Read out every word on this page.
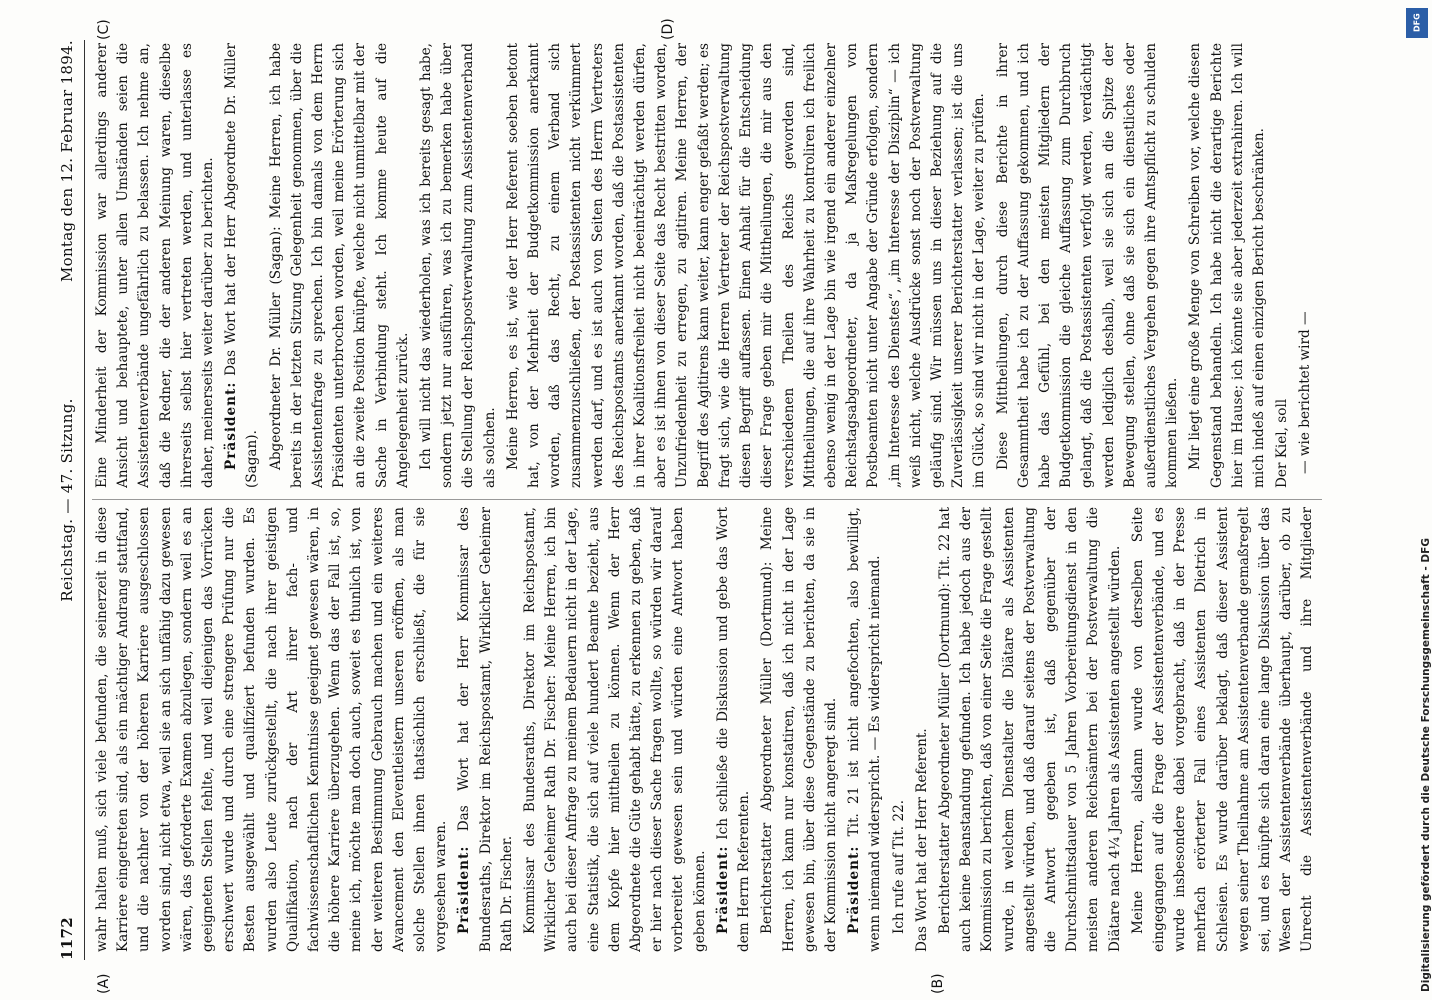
1172
Reichstag. — 47. Sitzung.
Montag den 12. Februar 1894.
(A)	(B)
(C)	(D)

wahr halten muß, sich viele befunden, die seinerzeit in diese Karriere eingetreten sind, als ein mächtiger Andrang stattfand, und die nachher von der höheren Karriere ausgeschlossen worden sind, nicht etwa, weil sie an sich unfähig dazu gewesen wären, das geforderte Examen abzulegen, sondern weil es an geeigneten Stellen fehlte, und weil diejenigen das Vorrücken erschwert wurde und durch eine strengere Prüfung nur die Besten ausgewählt und qualifiziert befunden wurden. Es wurden also Leute zurückgestellt, die nach ihrer geistigen Qualifikation, nach der Art ihrer fach- und fachwissenschaftlichen Kenntnisse geeignet gewesen wären, in die höhere Karriere überzugehen. Wenn das der Fall ist, so, meine ich, möchte man doch auch, soweit es thunlich ist, von der weiteren Bestimmung Gebrauch machen und ein weiteres Avancement den Eleventleistern unseren eröffnen, als man solche Stellen ihnen thatsächlich erschließt, die für sie vorgesehen waren. Präsident: Das Wort hat der Herr Kommissar des Bundesraths, Direktor im Reichspostamt, Wirklicher Geheimer Rath Dr. Fischer. Kommissar des Bundesraths, Direktor im Reichspostamt, Wirklicher Geheimer Rath Dr. Fischer: Meine Herren, ich bin auch bei dieser Anfrage zu meinem Bedauern nicht in der Lage, eine Statistik, die sich auf viele hundert Beamte bezieht, aus dem Kopfe hier mittheilen zu können. Wenn der Herr Abgeordnete die Güte gehabt hätte, zu erkennen zu geben, daß er hier nach dieser Sache fragen wollte, so würden wir darauf vorbereitet gewesen sein und würden eine Antwort haben geben können. Präsident: Ich schließe die Diskussion und gebe das Wort dem Herrn Referenten. Berichterstatter Abgeordneter Müller (Dortmund): Meine Herren, ich kann nur konstatiren, daß ich nicht in der Lage gewesen bin, über diese Gegenstände zu berichten, da sie in der Kommission nicht angeregt sind. Präsident: Tit. 21 ist nicht angefochten, also bewilligt, wenn niemand widerspricht. — Es widerspricht niemand. Ich rufe auf Tit. 22. Das Wort hat der Herr Referent. Berichterstatter Abgeordneter Müller (Dortmund): Tit. 22 hat auch keine Beanstandung gefunden. Ich habe jedoch aus der Kommission zu berichten, daß von einer Seite die Frage gestellt wurde, in welchem Dienstalter die Diätare als Assistenten angestellt würden, und daß darauf seitens der Postverwaltung die Antwort gegeben ist, daß gegenüber der Durchschnittsdauer von 5 Jahren Vorbereitungsdienst in den meisten anderen Reichsämtern bei der Postverwaltung die Diätare nach 4¼ Jahren als Assistenten angestellt würden. Meine Herren, alsdann wurde von derselben Seite eingegangen auf die Frage der Assistentenverbände, und es wurde insbesondere dabei vorgebracht, daß in der Presse mehrfach erörterter Fall eines Assistenten Dietrich in Schlesien. Es wurde darüber beklagt, daß dieser Assistent wegen seiner Theilnahme am Assistentenverbande gemaßregelt sei, und es knüpfte sich daran eine lange Diskussion über das Wesen der Assistentenverbände überhaupt, darüber, ob zu Unrecht die Assistentenverbände und ihre Mitglieder

Eine Minderheit der Kommission war allerdings anderer Ansicht und behauptete, unter allen Umständen seien die Assistentenverbände ungefährlich zu belassen. Ich nehme an, daß die Redner, die der anderen Meinung waren, dieselbe ihrerseits selbst hier vertreten werden, und unterlasse es daher, meinerseits weiter darüber zu berichten. Präsident: Das Wort hat der Herr Abgeordnete Dr. Müller (Sagan). Abgeordneter Dr. Müller (Sagan): Meine Herren, ich habe bereits in der letzten Sitzung Gelegenheit genommen, über die Assistentenfrage zu sprechen. Ich bin damals von dem Herrn Präsidenten unterbrochen worden, weil meine Erörterung sich an die zweite Position knüpfte, welche nicht unmittelbar mit der Sache in Verbindung steht. Ich komme heute auf die Angelegenheit zurück. Ich will nicht das wiederholen, was ich bereits gesagt habe, sondern jetzt nur ausführen, was ich zu bemerken habe über die Stellung der Reichspostverwaltung zum Assistentenverband als solchen. Meine Herren, es ist, wie der Herr Referent soeben betont hat, von der Mehrheit der Budgetkommission anerkannt worden, daß das Recht, zu einem Verband sich zusammenzuschließen, der Postassistenten nicht verkümmert werden darf, und es ist auch von Seiten des Herrn Vertreters des Reichspostamts anerkannt worden, daß die Postassistenten in ihrer Koalitionsfreiheit nicht beeinträchtigt werden dürfen, aber es ist ihnen von dieser Seite das Recht bestritten worden, Unzufriedenheit zu erregen, zu agitiren. Meine Herren, der Begriff des Agitirens kann weiter, kann enger gefaßt werden; es fragt sich, wie die Herren Vertreter der Reichspostverwaltung diesen Begriff auffassen. Einen Anhalt für die Entscheidung dieser Frage geben mir die Mittheilungen, die mir aus den verschiedenen Theilen des Reichs geworden sind, Mittheilungen, die auf ihre Wahrheit zu kontroliren ich freilich ebenso wenig in der Lage bin wie irgend ein anderer einzelner Reichstagsabgeordneter, da ja Maßregelungen von Postbeamten nicht unter Angabe der Gründe erfolgen, sondern „im Interesse des Dienstes“, „im Interesse der Disziplin“ — ich weiß nicht, welche Ausdrücke sonst noch der Postverwaltung geläufig sind. Wir müssen uns in dieser Beziehung auf die Zuverlässigkeit unserer Berichterstatter verlassen; ist die uns im Glück, so sind wir nicht in der Lage, weiter zu prüfen. Diese Mittheilungen, durch diese Berichte in ihrer Gesammtheit habe ich zu der Auffassung gekommen, und ich habe das Gefühl, bei den meisten Mitgliedern der Budgetkommission die gleiche Auffassung zum Durchbruch gelangt, daß die Postassistenten verfolgt werden, verdächtigt werden lediglich deshalb, weil sie sich an die Spitze der Bewegung stellen, ohne daß sie sich ein dienstliches oder außerdienstliches Vergehen gegen ihre Amtspflicht zu schulden kommen ließen. Mir liegt eine große Menge von Schreiben vor, welche diesen Gegenstand behandeln. Ich habe nicht die derartige Berichte hier im Hause; ich könnte sie aber jederzeit extrahiren. Ich will mich indeß auf einen einzigen Bericht beschränken. Der Kiel, soll — wie berichtet wird —

DFG
Digitalisierung gefördert durch die Deutsche Forschungsgemeinschaft - DFG
